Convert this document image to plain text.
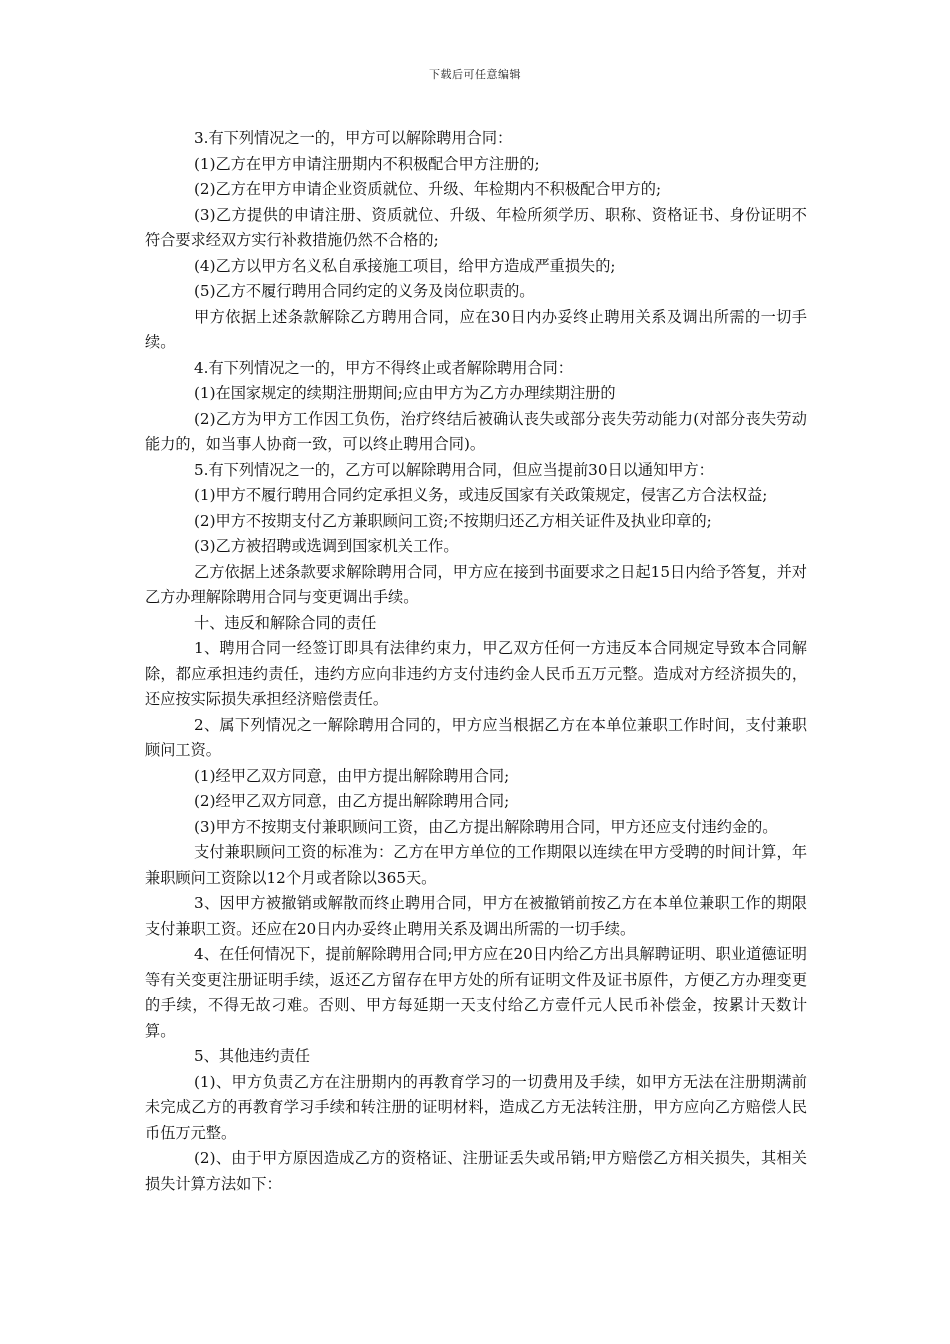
下载后可任意编辑

3.有下列情况之一的，甲方可以解除聘用合同：

(1)乙方在甲方申请注册期内不积极配合甲方注册的;

(2)乙方在甲方申请企业资质就位、升级、年检期内不积极配合甲方的;

(3)乙方提供的申请注册、资质就位、升级、年检所须学历、职称、资格证书、身份证明不符合要求经双方实行补救措施仍然不合格的;

(4)乙方以甲方名义私自承接施工项目，给甲方造成严重损失的;

(5)乙方不履行聘用合同约定的义务及岗位职责的。

甲方依据上述条款解除乙方聘用合同，应在30日内办妥终止聘用关系及调出所需的一切手续。

4.有下列情况之一的，甲方不得终止或者解除聘用合同：

(1)在国家规定的续期注册期间;应由甲方为乙方办理续期注册的

(2)乙方为甲方工作因工负伤，治疗终结后被确认丧失或部分丧失劳动能力(对部分丧失劳动能力的，如当事人协商一致，可以终止聘用合同)。

5.有下列情况之一的，乙方可以解除聘用合同，但应当提前30日以通知甲方：

(1)甲方不履行聘用合同约定承担义务，或违反国家有关政策规定，侵害乙方合法权益;

(2)甲方不按期支付乙方兼职顾问工资;不按期归还乙方相关证件及执业印章的;

(3)乙方被招聘或选调到国家机关工作。

乙方依据上述条款要求解除聘用合同，甲方应在接到书面要求之日起15日内给予答复，并对乙方办理解除聘用合同与变更调出手续。

十、违反和解除合同的责任

1、聘用合同一经签订即具有法律约束力，甲乙双方任何一方违反本合同规定导致本合同解除，都应承担违约责任，违约方应向非违约方支付违约金人民币五万元整。造成对方经济损失的，还应按实际损失承担经济赔偿责任。

2、属下列情况之一解除聘用合同的，甲方应当根据乙方在本单位兼职工作时间，支付兼职顾问工资。

(1)经甲乙双方同意，由甲方提出解除聘用合同;

(2)经甲乙双方同意，由乙方提出解除聘用合同;

(3)甲方不按期支付兼职顾问工资，由乙方提出解除聘用合同，甲方还应支付违约金的。

支付兼职顾问工资的标准为：乙方在甲方单位的工作期限以连续在甲方受聘的时间计算，年兼职顾问工资除以12个月或者除以365天。

3、因甲方被撤销或解散而终止聘用合同，甲方在被撤销前按乙方在本单位兼职工作的期限支付兼职工资。还应在20日内办妥终止聘用关系及调出所需的一切手续。

4、在任何情况下，提前解除聘用合同;甲方应在20日内给乙方出具解聘证明、职业道德证明等有关变更注册证明手续，返还乙方留存在甲方处的所有证明文件及证书原件，方便乙方办理变更的手续，不得无故刁难。否则、甲方每延期一天支付给乙方壹仟元人民币补偿金，按累计天数计算。

5、其他违约责任

(1)、甲方负责乙方在注册期内的再教育学习的一切费用及手续，如甲方无法在注册期满前未完成乙方的再教育学习手续和转注册的证明材料，造成乙方无法转注册，甲方应向乙方赔偿人民币伍万元整。

(2)、由于甲方原因造成乙方的资格证、注册证丢失或吊销;甲方赔偿乙方相关损失，其相关损失计算方法如下：
